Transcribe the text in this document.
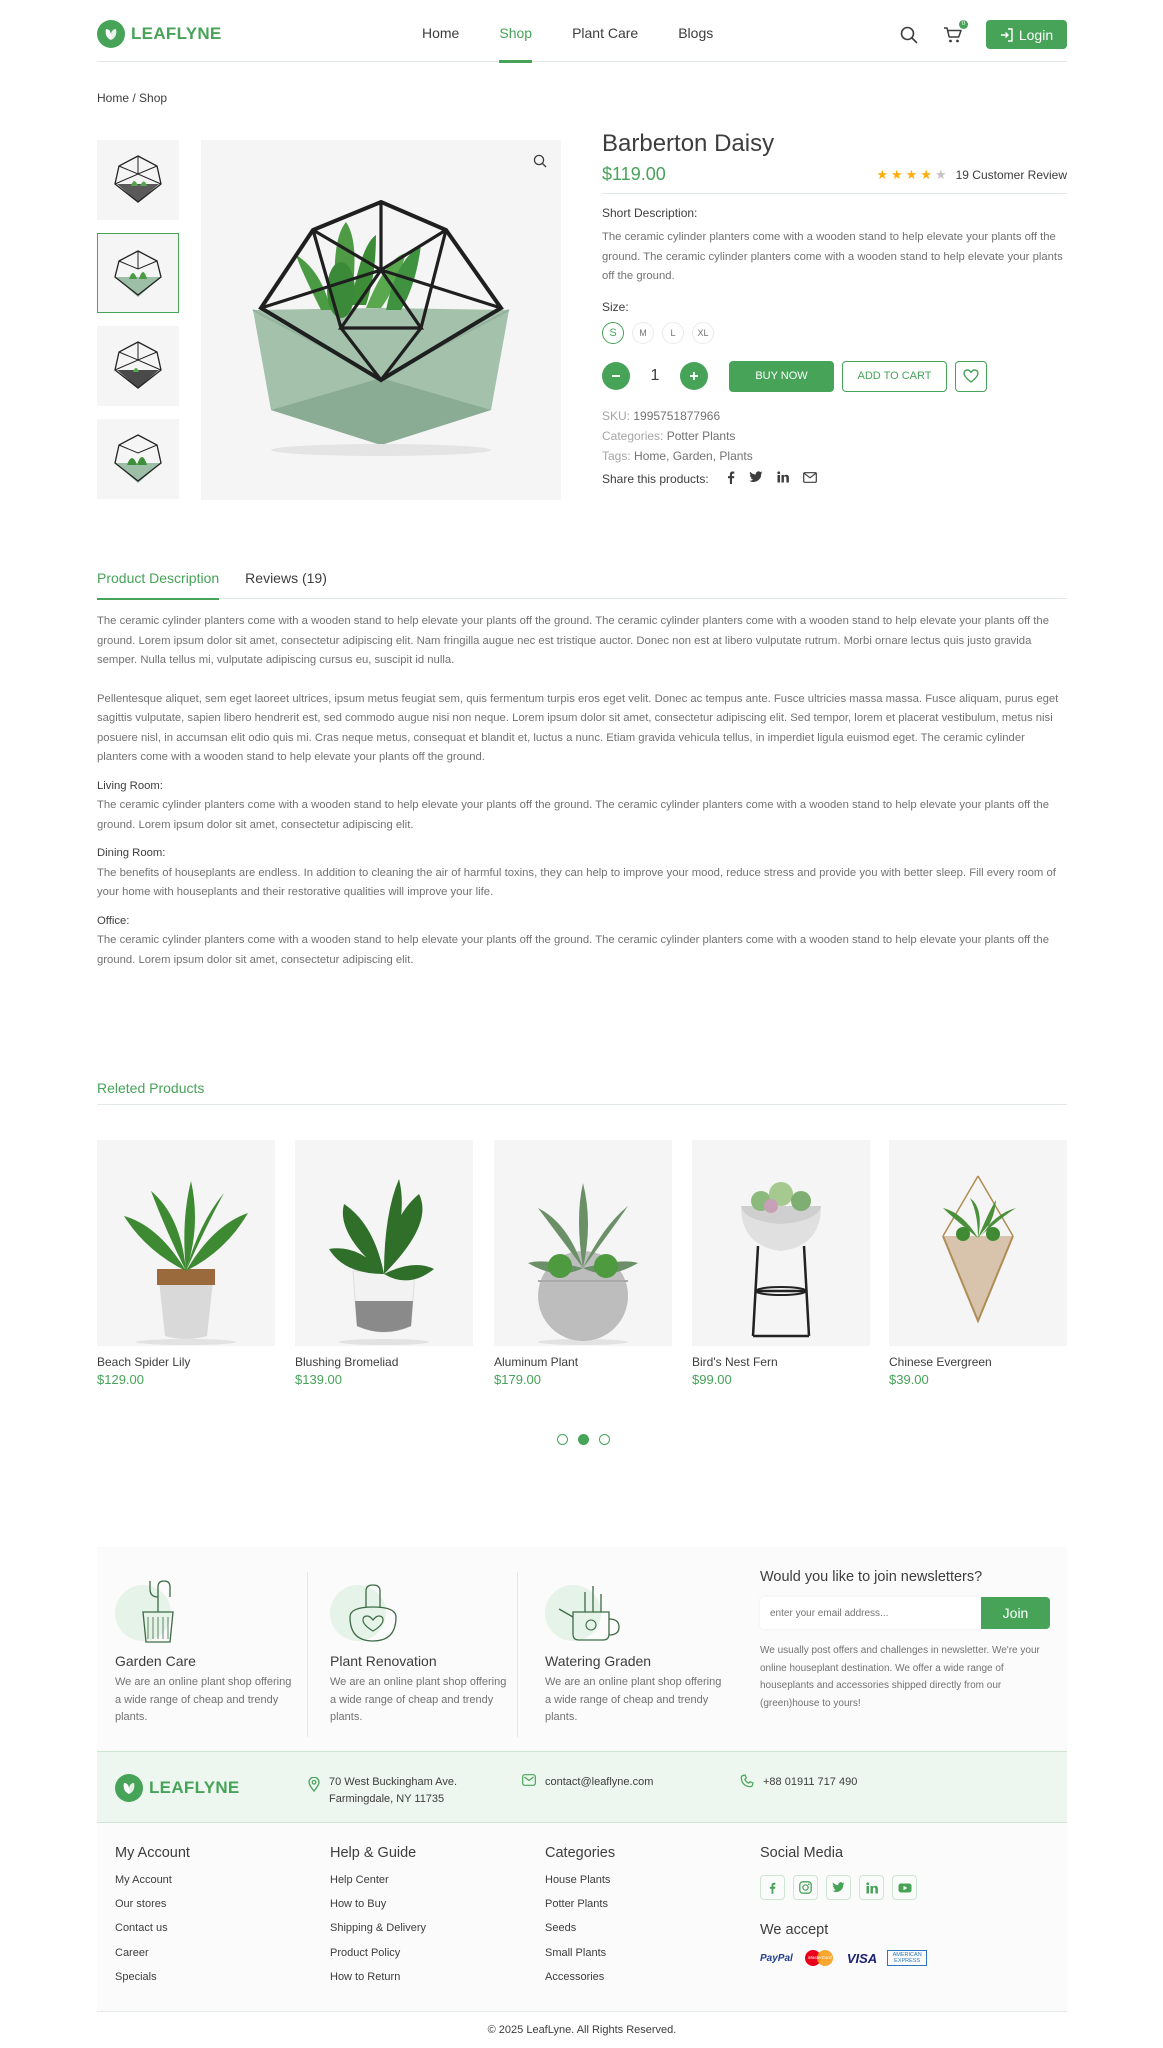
LEAFLYNE	Home	Shop	Plant Care	Blogs
0
Login
Home / Shop
Barberton Daisy
$119.00	★ ★ ★ ★ ★ 19 Customer Review
Short Description:
The ceramic cylinder planters come with a wooden stand to help elevate your plants off the ground. The ceramic cylinder planters come with a wooden stand to help elevate your plants off the ground.
Size:
S	M	L	XL
1	BUY NOW	ADD TO CART
SKU: 1995751877966
Categories: Potter Plants
Tags: Home, Garden, Plants
Share this products:
Product Description Reviews (19)

The ceramic cylinder planters come with a wooden stand to help elevate your plants off the ground. The ceramic cylinder planters come with a wooden stand to help elevate your plants off the ground. Lorem ipsum dolor sit amet, consectetur adipiscing elit. Nam fringilla augue nec est tristique auctor. Donec non est at libero vulputate rutrum. Morbi ornare lectus quis justo gravida semper. Nulla tellus mi, vulputate adipiscing cursus eu, suscipit id nulla.

Pellentesque aliquet, sem eget laoreet ultrices, ipsum metus feugiat sem, quis fermentum turpis eros eget velit. Donec ac tempus ante. Fusce ultricies massa massa. Fusce aliquam, purus eget sagittis vulputate, sapien libero hendrerit est, sed commodo augue nisi non neque. Lorem ipsum dolor sit amet, consectetur adipiscing elit. Sed tempor, lorem et placerat vestibulum, metus nisi posuere nisl, in accumsan elit odio quis mi. Cras neque metus, consequat et blandit et, luctus a nunc. Etiam gravida vehicula tellus, in imperdiet ligula euismod eget. The ceramic cylinder planters come with a wooden stand to help elevate your plants off the ground.

Living Room:

The ceramic cylinder planters come with a wooden stand to help elevate your plants off the ground. The ceramic cylinder planters come with a wooden stand to help elevate your plants off the ground. Lorem ipsum dolor sit amet, consectetur adipiscing elit.

Dining Room:

The benefits of houseplants are endless. In addition to cleaning the air of harmful toxins, they can help to improve your mood, reduce stress and provide you with better sleep. Fill every room of your home with houseplants and their restorative qualities will improve your life.

Office:

The ceramic cylinder planters come with a wooden stand to help elevate your plants off the ground. The ceramic cylinder planters come with a wooden stand to help elevate your plants off the ground. Lorem ipsum dolor sit amet, consectetur adipiscing elit.

Releted Products
Beach Spider Lily
$129.00
Blushing Bromeliad
$139.00
Aluminum Plant
$179.00
Bird's Nest Fern
$99.00
Chinese Evergreen
$39.00
Garden Care
We are an online plant shop offering a wide range of cheap and trendy plants.
Plant Renovation
We are an online plant shop offering a wide range of cheap and trendy plants.
Watering Graden
We are an online plant shop offering a wide range of cheap and trendy plants.
Would you like to join newsletters?
enter your email address...
Join
We usually post offers and challenges in newsletter. We're your online houseplant destination. We offer a wide range of houseplants and accessories shipped directly from our (green)house to yours!
LEAFLYNE	70 West Buckingham Ave.
Farmingdale, NY 11735
contact@leaflyne.com	+88 01911 717 490
My Account
My Account
Our stores
Contact us
Career
Specials
Help & Guide
Help Center
How to Buy
Shipping & Delivery
Product Policy
How to Return
Categories
House Plants
Potter Plants
Seeds
Small Plants
Accessories
Social Media
We accept
PayPal	MasterCard	VISA	AMERICAN EXPRESS
© 2025 LeafLyne. All Rights Reserved.
